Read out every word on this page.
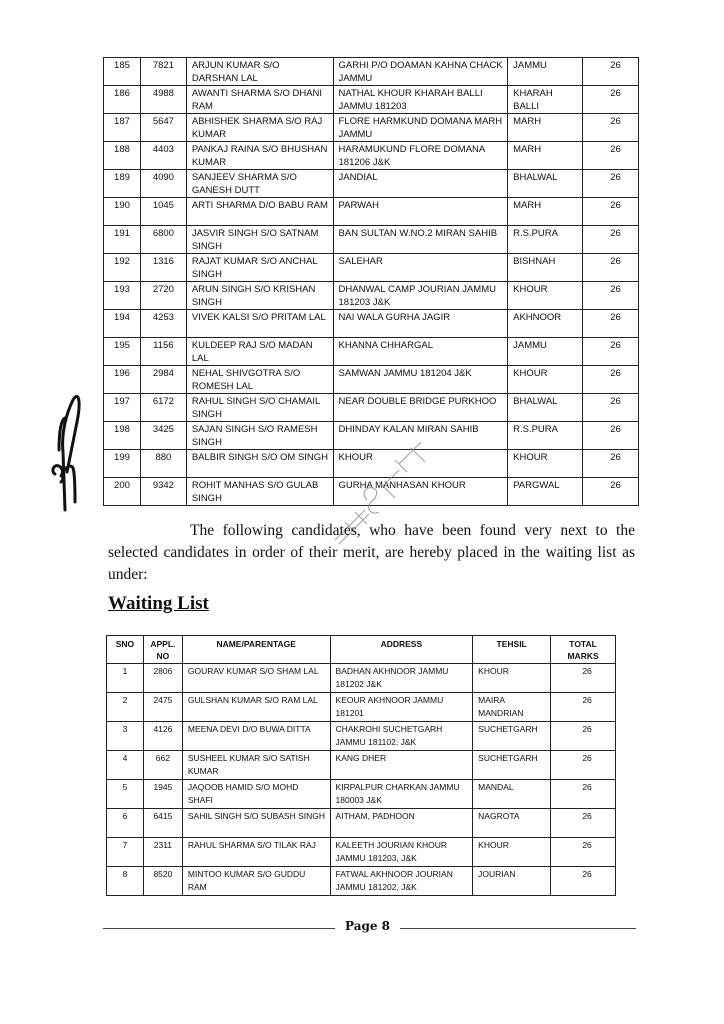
185	7821	ARJUN KUMAR S/O DARSHAN LAL	GARHI P/O DOAMAN KAHNA CHACK JAMMU	JAMMU	26
186	4988	AWANTI SHARMA S/O DHANI RAM	NATHAL KHOUR KHARAH BALLI JAMMU 181203	KHARAH BALLI	26
187	5647	ABHISHEK SHARMA S/O RAJ KUMAR	FLORE HARMKUND DOMANA MARH JAMMU	MARH	26
188	4403	PANKAJ RAINA S/O BHUSHAN KUMAR	HARAMUKUND FLORE DOMANA 181206 J&K	MARH	26
189	4090	SANJEEV SHARMA S/O GANESH DUTT	JANDIAL	BHALWAL	26
190	1045	ARTI SHARMA D/O BABU RAM	PARWAH	MARH	26
191	6800	JASVIR SINGH S/O SATNAM SINGH	BAN SULTAN W.NO.2 MIRAN SAHIB	R.S.PURA	26
192	1316	RAJAT KUMAR S/O ANCHAL SINGH	SALEHAR	BISHNAH	26
193	2720	ARUN SINGH S/O KRISHAN SINGH	DHANWAL CAMP JOURIAN JAMMU 181203 J&K	KHOUR	26
194	4253	VIVEK KALSI S/O PRITAM LAL	NAI WALA GURHA JAGIR	AKHNOOR	26
195	1156	KULDEEP RAJ S/O MADAN LAL	KHANNA CHHARGAL	JAMMU	26
196	2984	NEHAL SHIVGOTRA S/O ROMESH LAL	SAMWAN JAMMU 181204 J&K	KHOUR	26
197	6172	RAHUL SINGH S/O CHAMAIL SINGH	NEAR DOUBLE BRIDGE PURKHOO	BHALWAL	26
198	3425	SAJAN SINGH S/O RAMESH SINGH	DHINDAY KALAN MIRAN SAHIB	R.S.PURA	26
199	880	BALBIR SINGH S/O OM SINGH	KHOUR	KHOUR	26
200	9342	ROHIT MANHAS S/O GULAB SINGH	GURHA MANHASAN KHOUR	PARGWAL	26
The following candidates, who have been found very next to the selected candidates in order of their merit, are hereby placed in the waiting list as under:
Waiting List
SNO	APPL. NO	NAME/PARENTAGE	ADDRESS	TEHSIL	TOTAL MARKS
1	2806	GOURAV KUMAR S/O SHAM LAL	BADHAN AKHNOOR JAMMU 181202 J&K	KHOUR	26
2	2475	GULSHAN KUMAR S/O RAM LAL	KEOUR AKHNOOR JAMMU 181201	MAIRA MANDRIAN	26
3	4126	MEENA DEVI D/O BUWA DITTA	CHAKROHI SUCHETGARH JAMMU 181102, J&K	SUCHETGARH	26
4	662	SUSHEEL KUMAR S/O SATISH KUMAR	KANG DHER	SUCHETGARH	26
5	1945	JAQOOB HAMID S/O MOHD SHAFI	KIRPALPUR CHARKAN JAMMU 180003 J&K	MANDAL	26
6	6415	SAHIL SINGH S/O SUBASH SINGH	AITHAM, PADHOON	NAGROTA	26
7	2311	RAHUL SHARMA S/O TILAK RAJ	KALEETH JOURIAN KHOUR JAMMU 181203, J&K	KHOUR	26
8	8520	MINTOO KUMAR S/O GUDDU RAM	FATWAL AKHNOOR JOURIAN JAMMU 181202, J&K	JOURIAN	26
Page 8
